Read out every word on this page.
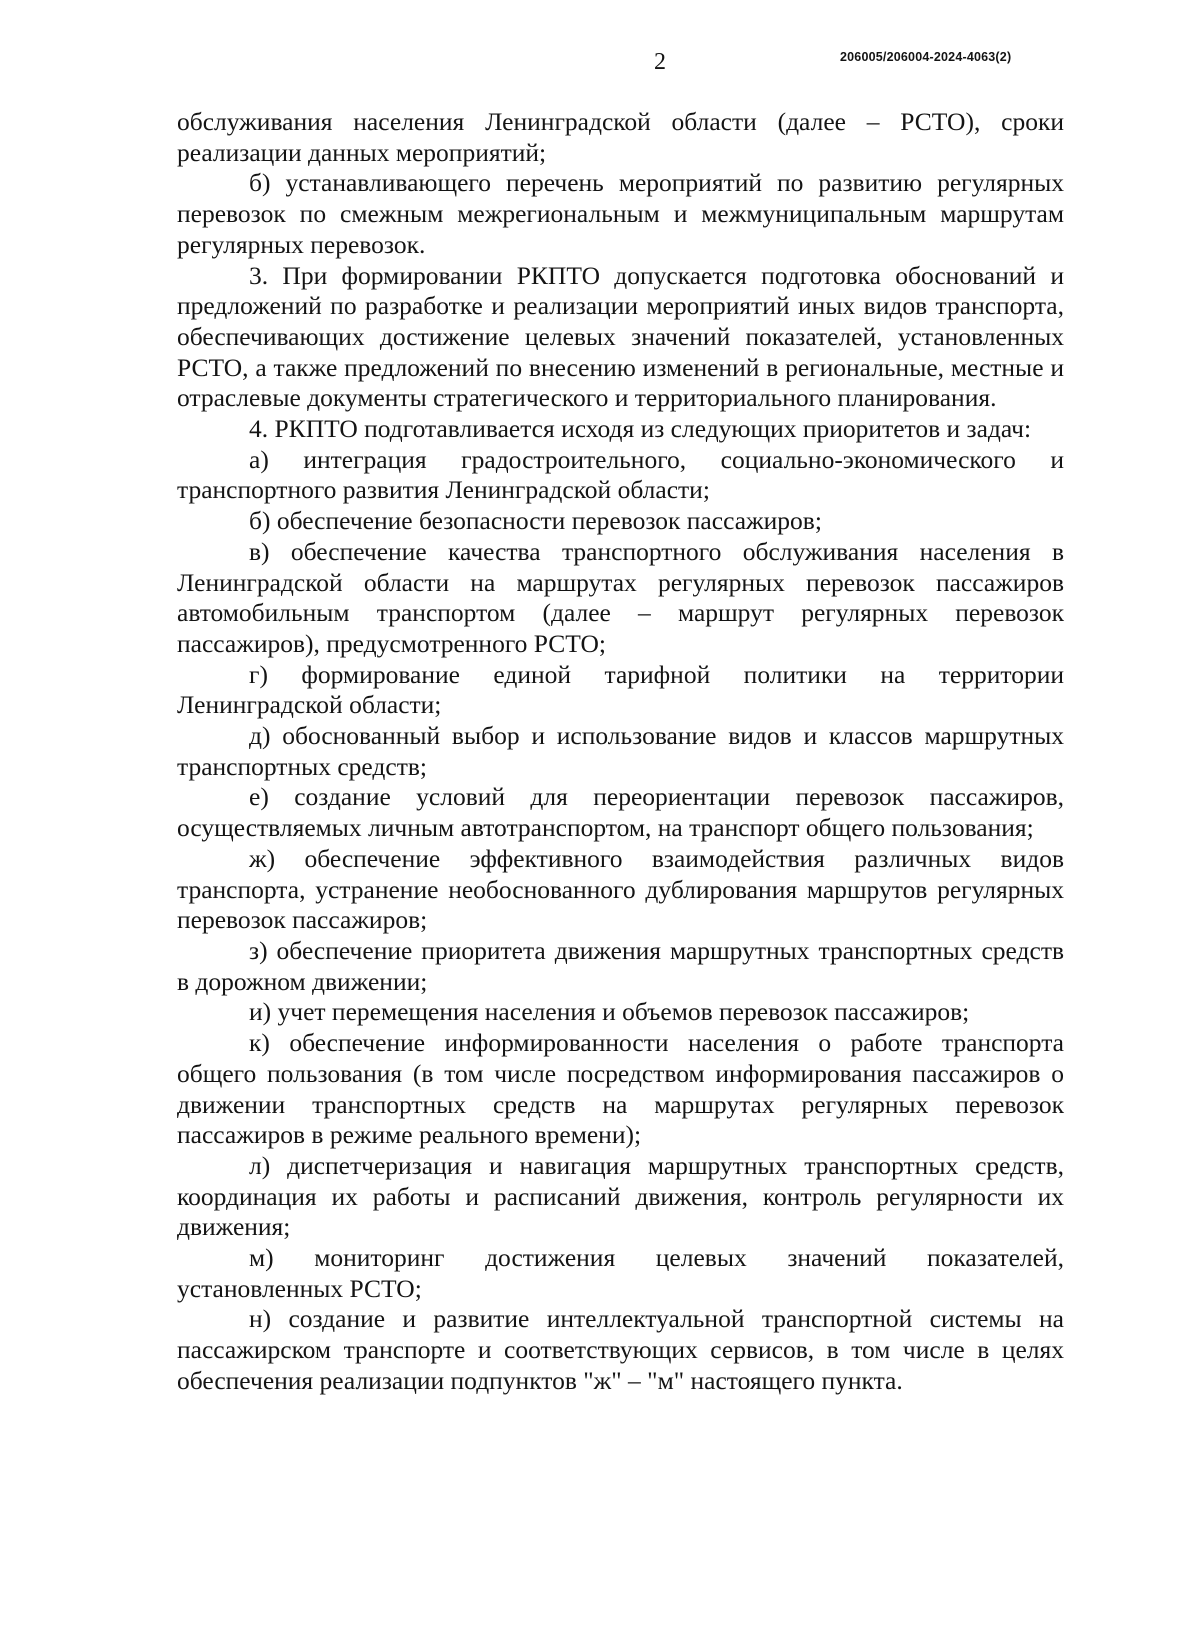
2	206005/206004-2024-4063(2)

обслуживания населения Ленинградской области (далее – РСТО), сроки реализации данных мероприятий;

б) устанавливающего перечень мероприятий по развитию регулярных перевозок по смежным межрегиональным и межмуниципальным маршрутам регулярных перевозок.

3. При формировании РКПТО допускается подготовка обоснований и предложений по разработке и реализации мероприятий иных видов транспорта, обеспечивающих достижение целевых значений показателей, установленных РСТО, а также предложений по внесению изменений в региональные, местные и отраслевые документы стратегического и территориального планирования.

4. РКПТО подготавливается исходя из следующих приоритетов и задач:

а) интеграция градостроительного, социально-экономического и транспортного развития Ленинградской области;

б) обеспечение безопасности перевозок пассажиров;

в) обеспечение качества транспортного обслуживания населения в Ленинградской области на маршрутах регулярных перевозок пассажиров автомобильным транспортом (далее – маршрут регулярных перевозок пассажиров), предусмотренного РСТО;

г) формирование единой тарифной политики на территории Ленинградской области;

д) обоснованный выбор и использование видов и классов маршрутных транспортных средств;

е) создание условий для переориентации перевозок пассажиров, осуществляемых личным автотранспортом, на транспорт общего пользования;

ж) обеспечение эффективного взаимодействия различных видов транспорта, устранение необоснованного дублирования маршрутов регулярных перевозок пассажиров;

з) обеспечение приоритета движения маршрутных транспортных средств в дорожном движении;

и) учет перемещения населения и объемов перевозок пассажиров;

к) обеспечение информированности населения о работе транспорта общего пользования (в том числе посредством информирования пассажиров о движении транспортных средств на маршрутах регулярных перевозок пассажиров в режиме реального времени);

л) диспетчеризация и навигация маршрутных транспортных средств, координация их работы и расписаний движения, контроль регулярности их движения;

м) мониторинг достижения целевых значений показателей, установленных РСТО;

н) создание и развитие интеллектуальной транспортной системы на пассажирском транспорте и соответствующих сервисов, в том числе в целях обеспечения реализации подпунктов "ж" – "м" настоящего пункта.
